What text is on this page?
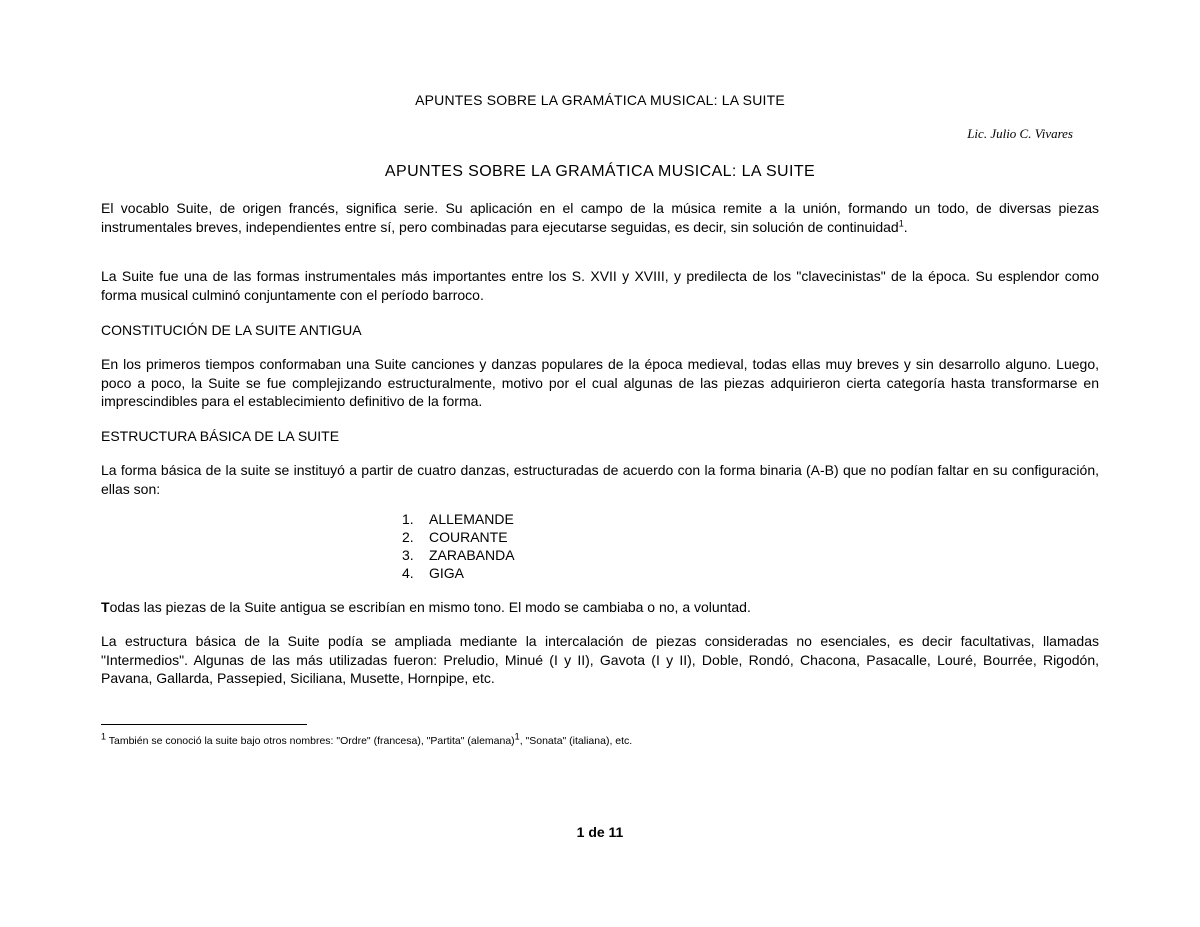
APUNTES SOBRE LA GRAMÁTICA MUSICAL: LA SUITE
Lic. Julio C. Vivares
APUNTES SOBRE LA GRAMÁTICA MUSICAL: LA SUITE

El vocablo Suite, de origen francés, significa serie. Su aplicación en el campo de la música remite a la unión, formando un todo, de diversas piezas instrumentales breves, independientes entre sí, pero combinadas para ejecutarse seguidas, es decir, sin solución de continuidad$^1$.

La Suite fue una de las formas instrumentales más importantes entre los S. XVII y XVIII, y predilecta de los "clavecinistas" de la época. Su esplendor como forma musical culminó conjuntamente con el período barroco.

CONSTITUCIÓN DE LA SUITE ANTIGUA

En los primeros tiempos conformaban una Suite canciones y danzas populares de la época medieval, todas ellas muy breves y sin desarrollo alguno. Luego, poco a poco, la Suite se fue complejizando estructuralmente, motivo por el cual algunas de las piezas adquirieron cierta categoría hasta transformarse en imprescindibles para el establecimiento definitivo de la forma.

ESTRUCTURA BÁSICA DE LA SUITE

La forma básica de la suite se instituyó a partir de cuatro danzas, estructuradas de acuerdo con la forma binaria (A-B) que no podían faltar en su configuración, ellas son:

1.	ALLEMANDE
2.	COURANTE
3.	ZARABANDA
4.	GIGA

Todas las piezas de la Suite antigua se escribían en mismo tono. El modo se cambiaba o no, a voluntad.

La estructura básica de la Suite podía se ampliada mediante la intercalación de piezas consideradas no esenciales, es decir facultativas, llamadas "Intermedios". Algunas de las más utilizadas fueron: Preludio, Minué (I y II), Gavota (I y II), Doble, Rondó, Chacona, Pasacalle, Louré, Bourrée, Rigodón, Pavana, Gallarda, Passepied, Siciliana, Musette, Hornpipe, etc.

$^1$ También se conoció la suite bajo otros nombres: "Ordre" (francesa), "Partita" (alemana)$^1$, "Sonata" (italiana), etc.
1 de 11
